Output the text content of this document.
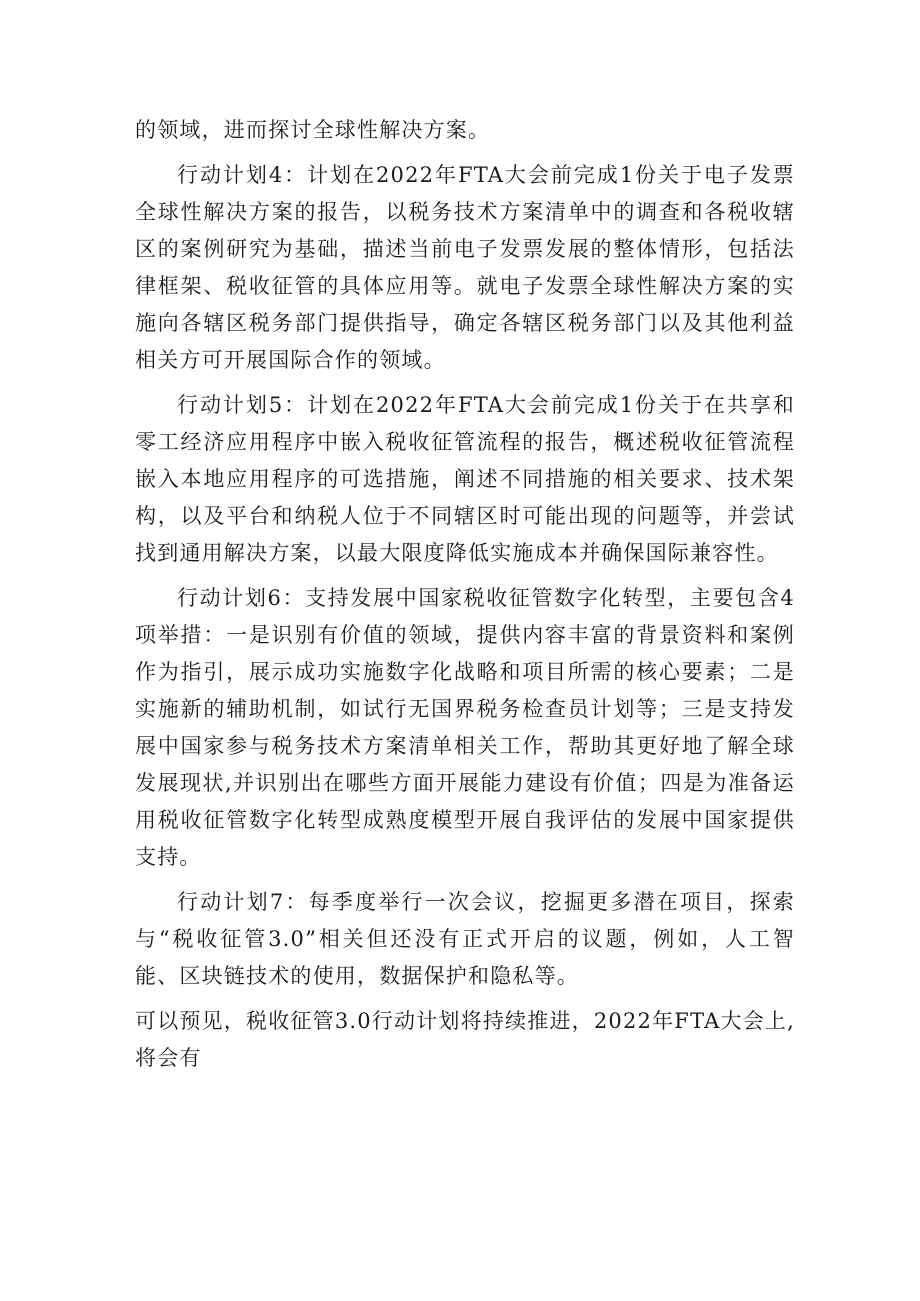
的领域，进而探讨全球性解决方案。

行动计划4：计划在2022年FTA大会前完成1份关于电子发票全球性解决方案的报告，以税务技术方案清单中的调查和各税收辖区的案例研究为基础，描述当前电子发票发展的整体情形，包括法律框架、税收征管的具体应用等。就电子发票全球性解决方案的实施向各辖区税务部门提供指导，确定各辖区税务部门以及其他利益相关方可开展国际合作的领域。

行动计划5：计划在2022年FTA大会前完成1份关于在共享和零工经济应用程序中嵌入税收征管流程的报告，概述税收征管流程嵌入本地应用程序的可选措施，阐述不同措施的相关要求、技术架构，以及平台和纳税人位于不同辖区时可能出现的问题等，并尝试找到通用解决方案，以最大限度降低实施成本并确保国际兼容性。

行动计划6：支持发展中国家税收征管数字化转型，主要包含4项举措：一是识别有价值的领域，提供内容丰富的背景资料和案例作为指引，展示成功实施数字化战略和项目所需的核心要素；二是实施新的辅助机制，如试行无国界税务检查员计划等；三是支持发展中国家参与税务技术方案清单相关工作，帮助其更好地了解全球发展现状,并识别出在哪些方面开展能力建设有价值；四是为准备运用税收征管数字化转型成熟度模型开展自我评估的发展中国家提供支持。

行动计划7：每季度举行一次会议，挖掘更多潜在项目，探索与“税收征管3.0”相关但还没有正式开启的议题，例如，人工智能、区块链技术的使用，数据保护和隐私等。

可以预见，税收征管3.0行动计划将持续推进，2022年FTA大会上,将会有
